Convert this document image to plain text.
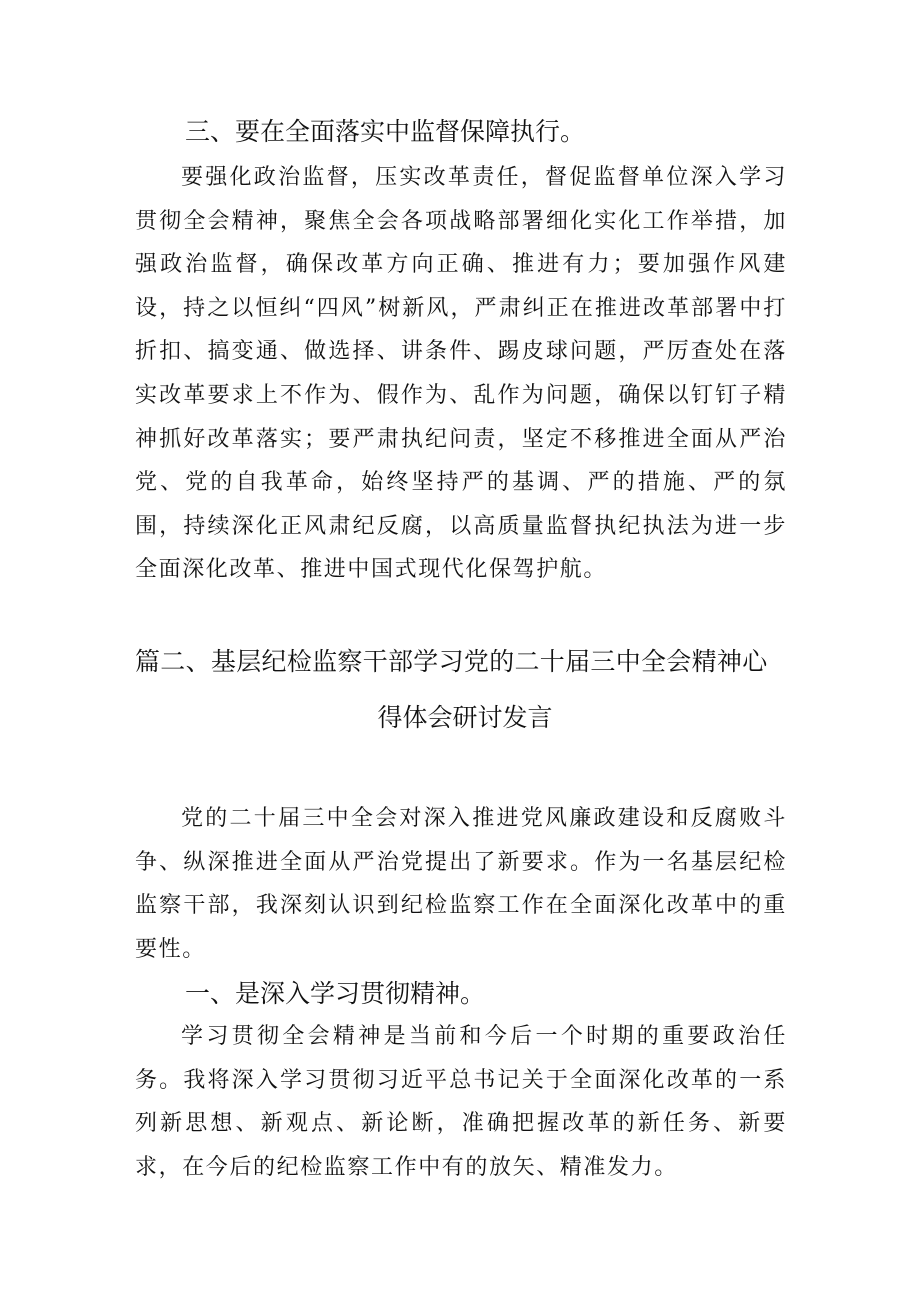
三、要在全面落实中监督保障执行。

要强化政治监督，压实改革责任，督促监督单位深入学习贯彻全会精神，聚焦全会各项战略部署细化实化工作举措，加强政治监督，确保改革方向正确、推进有力；要加强作风建设，持之以恒纠“四风”树新风，严肃纠正在推进改革部署中打折扣、搞变通、做选择、讲条件、踢皮球问题，严厉查处在落实改革要求上不作为、假作为、乱作为问题，确保以钉钉子精神抓好改革落实；要严肃执纪问责，坚定不移推进全面从严治党、党的自我革命，始终坚持严的基调、严的措施、严的氛围，持续深化正风肃纪反腐，以高质量监督执纪执法为进一步全面深化改革、推进中国式现代化保驾护航。

篇二、基层纪检监察干部学习党的二十届三中全会精神心
得体会研讨发言

党的二十届三中全会对深入推进党风廉政建设和反腐败斗争、纵深推进全面从严治党提出了新要求。作为一名基层纪检监察干部，我深刻认识到纪检监察工作在全面深化改革中的重要性。

一、是深入学习贯彻精神。

学习贯彻全会精神是当前和今后一个时期的重要政治任务。我将深入学习贯彻习近平总书记关于全面深化改革的一系列新思想、新观点、新论断，准确把握改革的新任务、新要求，在今后的纪检监察工作中有的放矢、精准发力。
